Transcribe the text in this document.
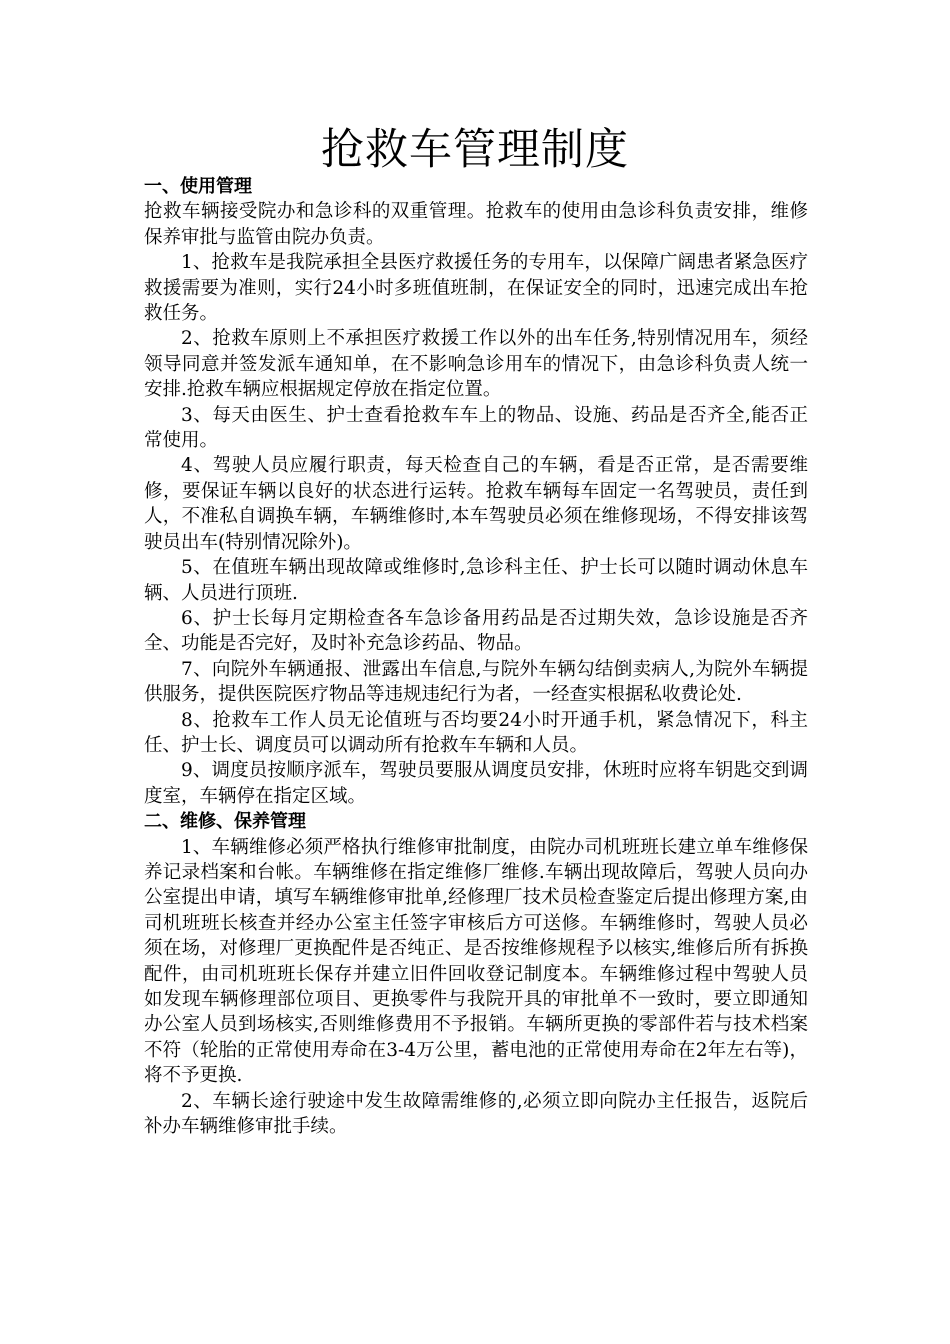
抢救车管理制度

一、使用管理

抢救车辆接受院办和急诊科的双重管理。抢救车的使用由急诊科负责安排，维修保养审批与监管由院办负责。

1、抢救车是我院承担全县医疗救援任务的专用车，以保障广阔患者紧急医疗救援需要为准则，实行24小时多班值班制，在保证安全的同时，迅速完成出车抢救任务。

2、抢救车原则上不承担医疗救援工作以外的出车任务,特别情况用车，须经领导同意并签发派车通知单，在不影响急诊用车的情况下，由急诊科负责人统一安排.抢救车辆应根据规定停放在指定位置。

3、每天由医生、护士查看抢救车车上的物品、设施、药品是否齐全,能否正常使用。

4、驾驶人员应履行职责，每天检查自己的车辆，看是否正常，是否需要维修，要保证车辆以良好的状态进行运转。抢救车辆每车固定一名驾驶员，责任到人，不准私自调换车辆，车辆维修时,本车驾驶员必须在维修现场，不得安排该驾驶员出车(特别情况除外)。

5、在值班车辆出现故障或维修时,急诊科主任、护士长可以随时调动休息车辆、人员进行顶班.

6、护士长每月定期检查各车急诊备用药品是否过期失效，急诊设施是否齐全、功能是否完好，及时补充急诊药品、物品。

7、向院外车辆通报、泄露出车信息,与院外车辆勾结倒卖病人,为院外车辆提供服务，提供医院医疗物品等违规违纪行为者，一经查实根据私收费论处.

8、抢救车工作人员无论值班与否均要24小时开通手机，紧急情况下，科主任、护士长、调度员可以调动所有抢救车车辆和人员。

9、调度员按顺序派车，驾驶员要服从调度员安排，休班时应将车钥匙交到调度室，车辆停在指定区域。

二、维修、保养管理

1、车辆维修必须严格执行维修审批制度，由院办司机班班长建立单车维修保养记录档案和台帐。车辆维修在指定维修厂维修.车辆出现故障后，驾驶人员向办公室提出申请，填写车辆维修审批单,经修理厂技术员检查鉴定后提出修理方案,由司机班班长核查并经办公室主任签字审核后方可送修。车辆维修时，驾驶人员必须在场，对修理厂更换配件是否纯正、是否按维修规程予以核实,维修后所有拆换配件，由司机班班长保存并建立旧件回收登记制度本。车辆维修过程中驾驶人员如发现车辆修理部位项目、更换零件与我院开具的审批单不一致时，要立即通知办公室人员到场核实,否则维修费用不予报销。车辆所更换的零部件若与技术档案不符（轮胎的正常使用寿命在3-4万公里，蓄电池的正常使用寿命在2年左右等)，将不予更换.

2、车辆长途行驶途中发生故障需维修的,必须立即向院办主任报告，返院后补办车辆维修审批手续。
